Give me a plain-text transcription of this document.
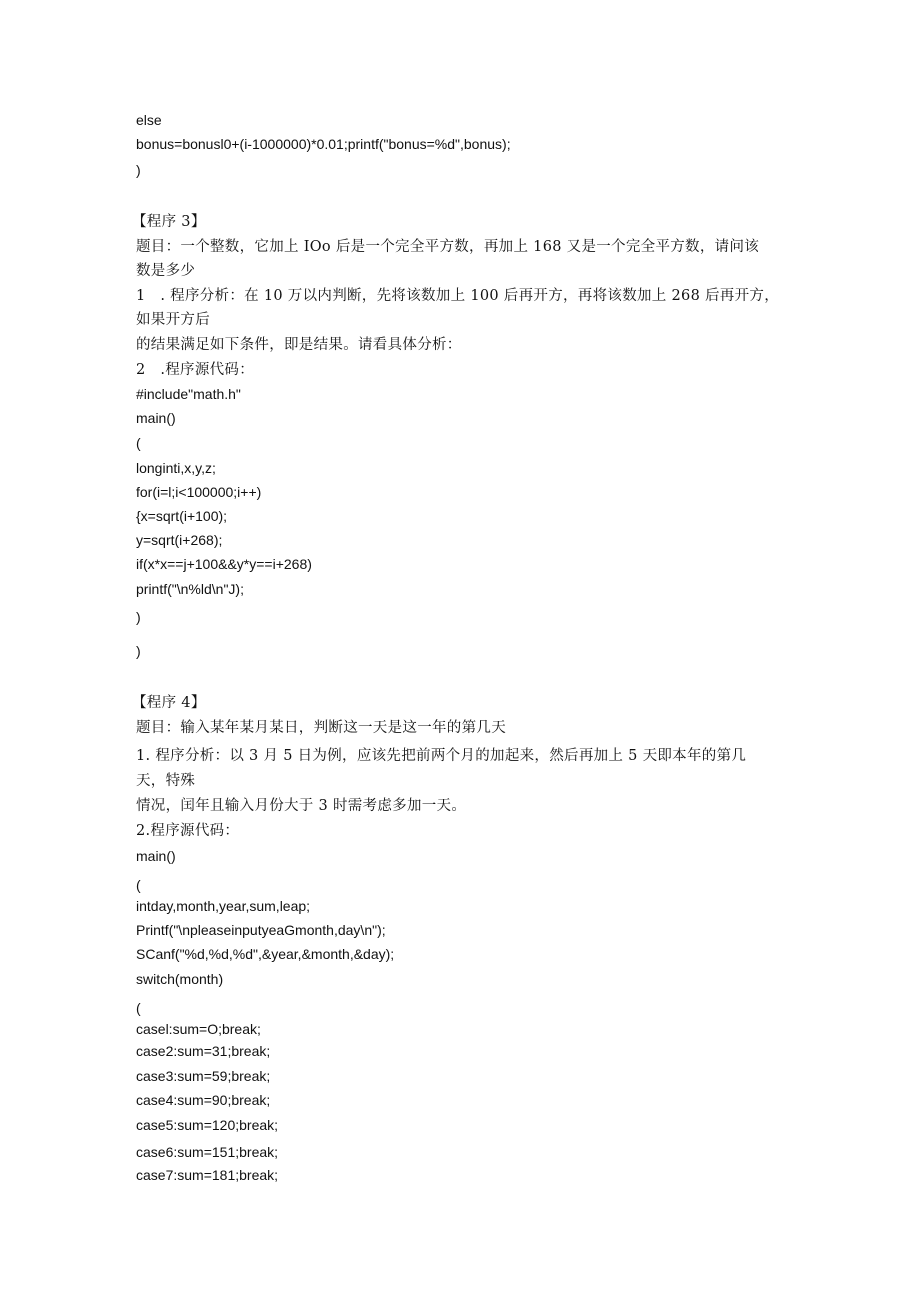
else
bonus=bonusl0+(i-1000000)*0.01;printf("bonus=%d",bonus);
)
【程序 3】
题目：一个整数，它加上 IOo 后是一个完全平方数，再加上 168 又是一个完全平方数，请问该
数是多少
1　. 程序分析：在 10 万以内判断，先将该数加上 100 后再开方，再将该数加上 268 后再开方，
如果开方后
的结果满足如下条件，即是结果。请看具体分析：
2　.程序源代码：
#include"math.h"
main()
(
longinti,x,y,z;
for(i=l;i<100000;i++)
{x=sqrt(i+100);
y=sqrt(i+268);
if(x*x==j+100&&y*y==i+268)
printf("\n%ld\n"J);
)
)
【程序 4】
题目：输入某年某月某日，判断这一天是这一年的第几天
1. 程序分析：以 3 月 5 日为例，应该先把前两个月的加起来，然后再加上 5 天即本年的第几
天，特殊
情况，闰年且输入月份大于 3 时需考虑多加一天。
2.程序源代码：
main()
(
intday,month,year,sum,leap;
Printf("\npleaseinputyeaGmonth,day\n");
SCanf("%d,%d,%d",&year,&month,&day);
switch(month)
(
casel:sum=O;break;
case2:sum=31;break;
case3:sum=59;break;
case4:sum=90;break;
case5:sum=120;break;
case6:sum=151;break;
case7:sum=181;break;
